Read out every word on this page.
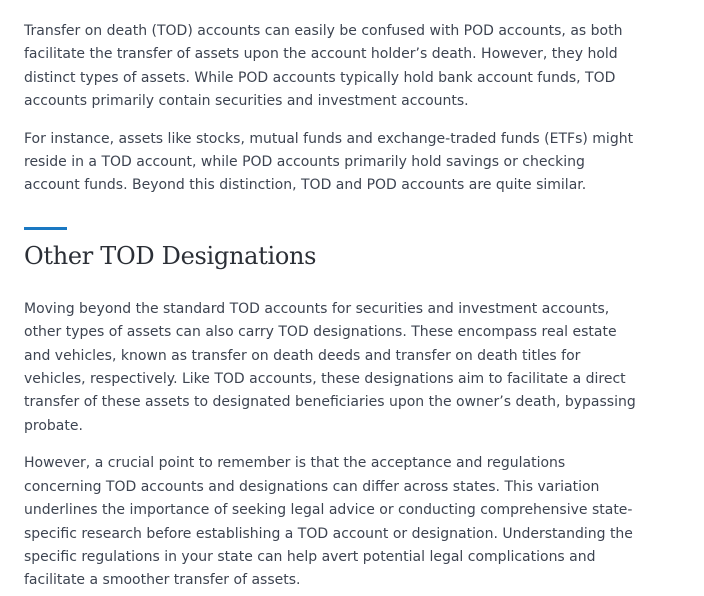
Transfer on death (TOD) accounts can easily be confused with POD accounts, as both facilitate the transfer of assets upon the account holder’s death. However, they hold distinct types of assets. While POD accounts typically hold bank account funds, TOD accounts primarily contain securities and investment accounts.

For instance, assets like stocks, mutual funds and exchange-traded funds (ETFs) might reside in a TOD account, while POD accounts primarily hold savings or checking account funds. Beyond this distinction, TOD and POD accounts are quite similar.

Other TOD Designations

Moving beyond the standard TOD accounts for securities and investment accounts, other types of assets can also carry TOD designations. These encompass real estate and vehicles, known as transfer on death deeds and transfer on death titles for vehicles, respectively. Like TOD accounts, these designations aim to facilitate a direct transfer of these assets to designated beneficiaries upon the owner’s death, bypassing probate.

However, a crucial point to remember is that the acceptance and regulations concerning TOD accounts and designations can differ across states. This variation underlines the importance of seeking legal advice or conducting comprehensive state-specific research before establishing a TOD account or designation. Understanding the specific regulations in your state can help avert potential legal complications and facilitate a smoother transfer of assets.
